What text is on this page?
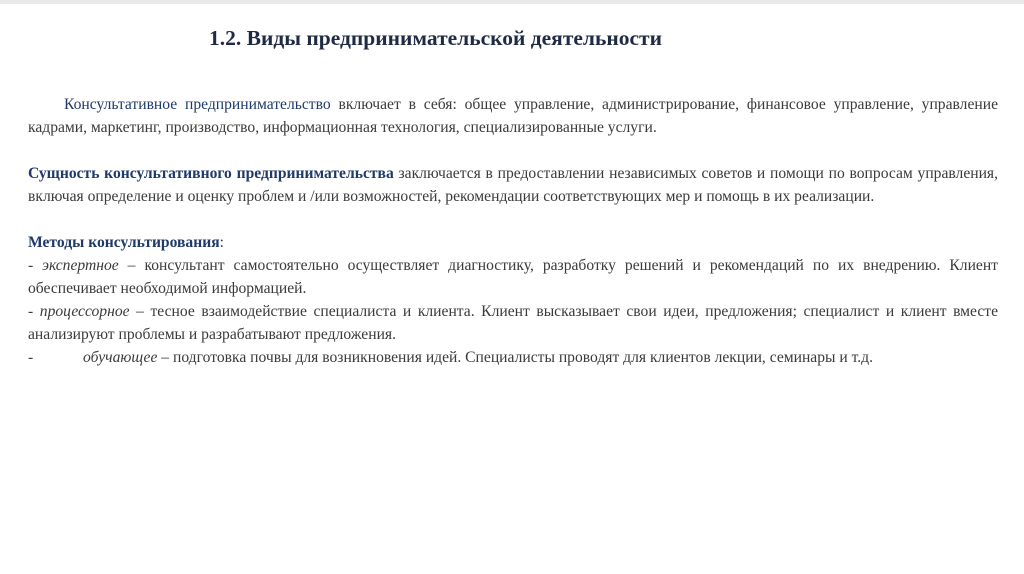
1.2. Виды предпринимательской деятельности

Консультативное предпринимательство включает в себя: общее управление, администрирование, финансовое управление, управление кадрами, маркетинг, производство, информационная технология, специализированные услуги.

Сущность консультативного предпринимательства заключается в предоставлении независимых советов и помощи по вопросам управления, включая определение и оценку проблем и /или возможностей, рекомендации соответствующих мер и помощь в их реализации.

Методы консультирования:

- экспертное – консультант самостоятельно осуществляет диагностику, разработку решений и рекомендаций по их внедрению. Клиент обеспечивает необходимой информацией.

- процессорное – тесное взаимодействие специалиста и клиента. Клиент высказывает свои идеи, предложения; специалист и клиент вместе анализируют проблемы и разрабатывают предложения.

-	обучающее – подготовка почвы для возникновения идей. Специалисты проводят для клиентов лекции, семинары и т.д.
